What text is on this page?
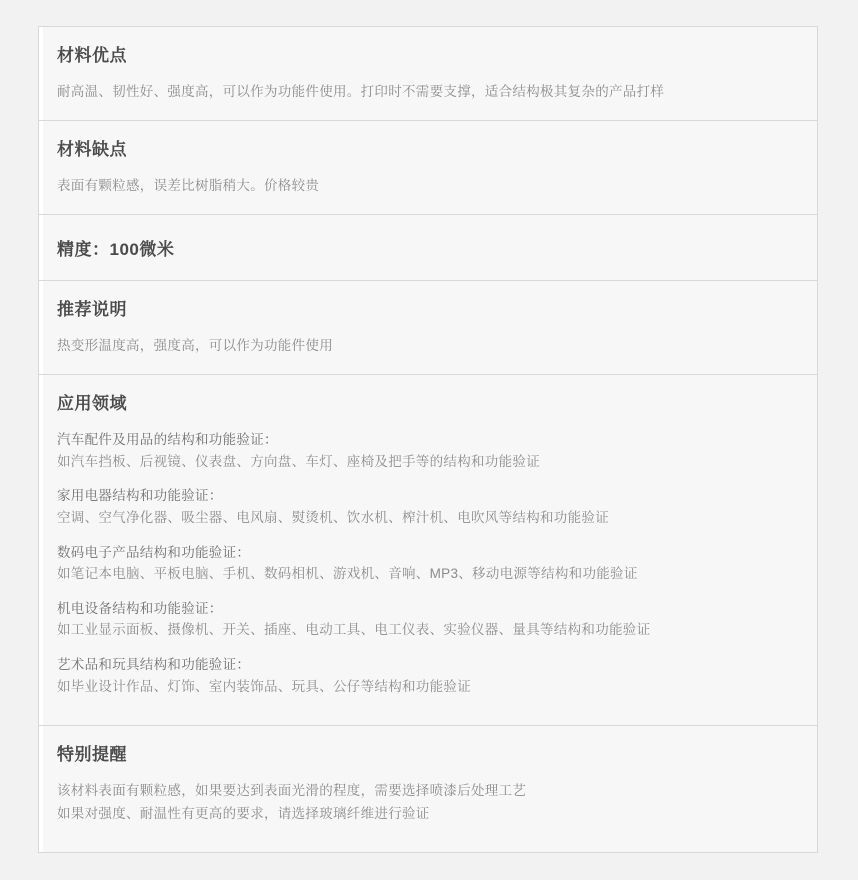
材料优点
耐高温、韧性好、强度高，可以作为功能件使用。打印时不需要支撑，适合结构极其复杂的产品打样
材料缺点
表面有颗粒感，误差比树脂稍大。价格较贵
精度：100微米
推荐说明
热变形温度高，强度高，可以作为功能件使用
应用领域
汽车配件及用品的结构和功能验证：
如汽车挡板、后视镜、仪表盘、方向盘、车灯、座椅及把手等的结构和功能验证
家用电器结构和功能验证：
空调、空气净化器、吸尘器、电风扇、熨烫机、饮水机、榨汁机、电吹风等结构和功能验证
数码电子产品结构和功能验证：
如笔记本电脑、平板电脑、手机、数码相机、游戏机、音响、MP3、移动电源等结构和功能验证
机电设备结构和功能验证：
如工业显示面板、摄像机、开关、插座、电动工具、电工仪表、实验仪器、量具等结构和功能验证
艺术品和玩具结构和功能验证：
如毕业设计作品、灯饰、室内装饰品、玩具、公仔等结构和功能验证
特别提醒
该材料表面有颗粒感，如果要达到表面光滑的程度，需要选择喷漆后处理工艺
如果对强度、耐温性有更高的要求，请选择玻璃纤维进行验证
